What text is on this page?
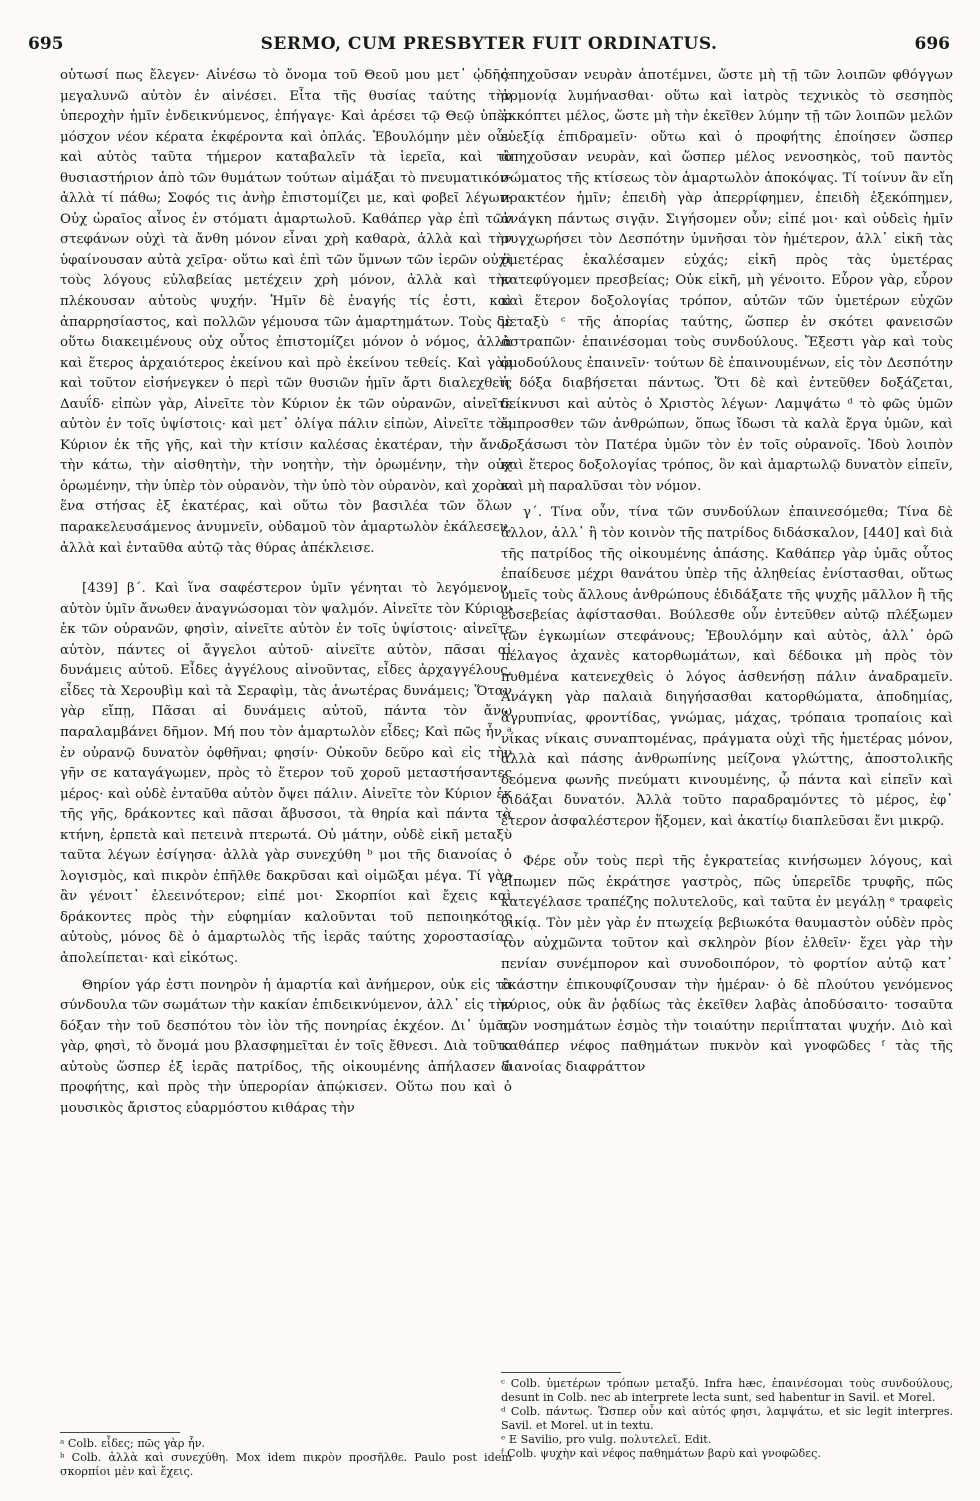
695	SERMO, CUM PRESBYTER FUIT ORDINATUS.	696

οὑτωσί πως ἔλεγεν· Αἰνέσω τὸ ὄνομα τοῦ Θεοῦ μου μετ᾽ ᾠδῆς· μεγαλυνῶ αὐτὸν ἐν αἰνέσει. Εἶτα τῆς θυσίας ταύτης τὴν ὑπεροχὴν ἡμῖν ἐνδεικνύμενος, ἐπήγαγε· Καὶ ἀρέσει τῷ Θεῷ ὑπὲρ μόσχον νέον κέρατα ἐκφέροντα καὶ ὁπλάς. Ἐβουλόμην μὲν οὖν καὶ αὐτὸς ταῦτα τήμερον καταβαλεῖν τὰ ἱερεῖα, καὶ τὸ θυσιαστήριον ἀπὸ τῶν θυμάτων τούτων αἱμάξαι τὸ πνευματικόν· ἀλλὰ τί πάθω; Σοφός τις ἀνὴρ ἐπιστομίζει με, καὶ φοβεῖ λέγων· Οὐχ ὡραῖος αἶνος ἐν στόματι ἁμαρτωλοῦ. Καθάπερ γὰρ ἐπὶ τῶν στεφάνων οὐχὶ τὰ ἄνθη μόνον εἶναι χρὴ καθαρὰ, ἀλλὰ καὶ τὴν ὑφαίνουσαν αὐτὰ χεῖρα· οὕτω καὶ ἐπὶ τῶν ὕμνων τῶν ἱερῶν οὐχὶ τοὺς λόγους εὐλαβείας μετέχειν χρὴ μόνον, ἀλλὰ καὶ τὴν πλέκουσαν αὐτοὺς ψυχήν. Ἡμῖν δὲ ἐναγής τίς ἐστι, καὶ ἀπαρρησίαστος, καὶ πολλῶν γέμουσα τῶν ἁμαρτημάτων. Τοὺς δὲ οὕτω διακειμένους οὐχ οὗτος ἐπιστομίζει μόνον ὁ νόμος, ἀλλὰ καὶ ἕτερος ἀρχαιότερος ἐκείνου καὶ πρὸ ἐκείνου τεθείς. Καὶ γὰρ καὶ τοῦτον εἰσήνεγκεν ὁ περὶ τῶν θυσιῶν ἡμῖν ἄρτι διαλεχθεὶς Δαυΐδ· εἰπὼν γὰρ, Αἰνεῖτε τὸν Κύριον ἐκ τῶν οὐρανῶν, αἰνεῖτε αὐτὸν ἐν τοῖς ὑψίστοις· καὶ μετ᾽ ὀλίγα πάλιν εἰπὼν, Αἰνεῖτε τὸν Κύριον ἐκ τῆς γῆς, καὶ τὴν κτίσιν καλέσας ἑκατέραν, τὴν ἄνω, τὴν κάτω, τὴν αἰσθητὴν, τὴν νοητὴν, τὴν ὁρωμένην, τὴν οὐχ ὁρωμένην, τὴν ὑπὲρ τὸν οὐρανὸν, τὴν ὑπὸ τὸν οὐρανὸν, καὶ χορὸν ἕνα στήσας ἐξ ἑκατέρας, καὶ οὕτω τὸν βασιλέα τῶν ὅλων παρακελευσάμενος ἀνυμνεῖν, οὐδαμοῦ τὸν ἁμαρτωλὸν ἐκάλεσεν, ἀλλὰ καὶ ἐνταῦθα αὐτῷ τὰς θύρας ἀπέκλεισε.

[439] β΄. Καὶ ἵνα σαφέστερον ὑμῖν γένηται τὸ λεγόμενον, αὐτὸν ὑμῖν ἄνωθεν ἀναγνώσομαι τὸν ψαλμόν. Αἰνεῖτε τὸν Κύριον ἐκ τῶν οὐρανῶν, φησὶν, αἰνεῖτε αὐτὸν ἐν τοῖς ὑψίστοις· αἰνεῖτε αὐτὸν, πάντες οἱ ἄγγελοι αὐτοῦ· αἰνεῖτε αὐτὸν, πᾶσαι αἱ δυνάμεις αὐτοῦ. Εἶδες ἀγγέλους αἰνοῦντας, εἶδες ἀρχαγγέλους, εἶδες τὰ Χερουβὶμ καὶ τὰ Σεραφὶμ, τὰς ἀνωτέρας δυνάμεις; Ὅταν γὰρ εἴπῃ, Πᾶσαι αἱ δυνάμεις αὐτοῦ, πάντα τὸν ἄνω παραλαμβάνει δῆμον. Μή που τὸν ἁμαρτωλὸν εἶδες; Καὶ πῶς ἦν ᵃ ἐν οὐρανῷ δυνατὸν ὀφθῆναι; φησίν· Οὐκοῦν δεῦρο καὶ εἰς τὴν γῆν σε καταγάγωμεν, πρὸς τὸ ἕτερον τοῦ χοροῦ μεταστήσαντες μέρος· καὶ οὐδὲ ἐνταῦθα αὐτὸν ὄψει πάλιν. Αἰνεῖτε τὸν Κύριον ἐκ τῆς γῆς, δράκοντες καὶ πᾶσαι ἄβυσσοι, τὰ θηρία καὶ πάντα τὰ κτήνη, ἑρπετὰ καὶ πετεινὰ πτερωτά. Οὐ μάτην, οὐδὲ εἰκῆ μεταξὺ ταῦτα λέγων ἐσίγησα· ἀλλὰ γὰρ συνεχύθη ᵇ μοι τῆς διανοίας ὁ λογισμὸς, καὶ πικρὸν ἐπῆλθε δακρῦσαι καὶ οἰμῶξαι μέγα. Τί γὰρ ἂν γένοιτ᾽ ἐλεεινότερον; εἰπέ μοι· Σκορπίοι καὶ ἔχεις καὶ δράκοντες πρὸς τὴν εὐφημίαν καλοῦνται τοῦ πεποιηκότος αὐτοὺς, μόνος δὲ ὁ ἁμαρτωλὸς τῆς ἱερᾶς ταύτης χοροστασίας ἀπολείπεται· καὶ εἰκότως.

Θηρίον γάρ ἐστι πονηρὸν ἡ ἁμαρτία καὶ ἀνήμερον, οὐκ εἰς τὰ σύνδουλα τῶν σωμάτων τὴν κακίαν ἐπιδεικνύμενον, ἀλλ᾽ εἰς τὴν δόξαν τὴν τοῦ δεσπότου τὸν ἰὸν τῆς πονηρίας ἐκχέον. Δι᾽ ὑμᾶς γὰρ, φησὶ, τὸ ὄνομά μου βλασφημεῖται ἐν τοῖς ἔθνεσι. Διὰ τοῦτο αὐτοὺς ὥσπερ ἐξ ἱερᾶς πατρίδος, τῆς οἰκουμένης ἀπήλασεν ὁ προφήτης, καὶ πρὸς τὴν ὑπερορίαν ἀπῴκισεν. Οὕτω που καὶ ὁ μουσικὸς ἄριστος εὐαρμόστου κιθάρας τὴν

ἀπηχοῦσαν νευρὰν ἀποτέμνει, ὥστε μὴ τῇ τῶν λοιπῶν φθόγγων ἁρμονίᾳ λυμήνασθαι· οὕτω καὶ ἰατρὸς τεχνικὸς τὸ σεσηπὸς ἐκκόπτει μέλος, ὥστε μὴ τὴν ἐκεῖθεν λύμην τῇ τῶν λοιπῶν μελῶν εὐεξίᾳ ἐπιδραμεῖν· οὕτω καὶ ὁ προφήτης ἐποίησεν ὥσπερ ἀπηχοῦσαν νευρὰν, καὶ ὥσπερ μέλος νενοσηκὸς, τοῦ παντὸς σώματος τῆς κτίσεως τὸν ἁμαρτωλὸν ἀποκόψας. Τί τοίνυν ἂν εἴη πρακτέον ἡμῖν; ἐπειδὴ γὰρ ἀπερρίφημεν, ἐπειδὴ ἐξεκόπημεν, ἀνάγκη πάντως σιγᾷν. Σιγήσομεν οὖν; εἰπέ μοι· καὶ οὐδεὶς ἡμῖν συγχωρήσει τὸν Δεσπότην ὑμνῆσαι τὸν ἡμέτερον, ἀλλ᾽ εἰκῆ τὰς ὑμετέρας ἐκαλέσαμεν εὐχάς; εἰκῆ πρὸς τὰς ὑμετέρας κατεφύγομεν πρεσβείας; Οὐκ εἰκῆ, μὴ γένοιτο. Εὗρον γὰρ, εὗρον καὶ ἕτερον δοξολογίας τρόπον, αὐτῶν τῶν ὑμετέρων εὐχῶν μεταξὺ ᶜ τῆς ἀπορίας ταύτης, ὥσπερ ἐν σκότει φανεισῶν ἀστραπῶν· ἐπαινέσομαι τοὺς συνδούλους. Ἔξεστι γὰρ καὶ τοὺς ὁμοδούλους ἐπαινεῖν· τούτων δὲ ἐπαινουμένων, εἰς τὸν Δεσπότην ἡ δόξα διαβήσεται πάντως. Ὅτι δὲ καὶ ἐντεῦθεν δοξάζεται, δείκνυσι καὶ αὐτὸς ὁ Χριστὸς λέγων· Λαμψάτω ᵈ τὸ φῶς ὑμῶν ἔμπροσθεν τῶν ἀνθρώπων, ὅπως ἴδωσι τὰ καλὰ ἔργα ὑμῶν, καὶ δοξάσωσι τὸν Πατέρα ὑμῶν τὸν ἐν τοῖς οὐρανοῖς. Ἰδοὺ λοιπὸν καὶ ἕτερος δοξολογίας τρόπος, ὃν καὶ ἁμαρτωλῷ δυνατὸν εἰπεῖν, καὶ μὴ παραλῦσαι τὸν νόμον.

γ΄. Τίνα οὖν, τίνα τῶν συνδούλων ἐπαινεσόμεθα; Τίνα δὲ ἄλλον, ἀλλ᾽ ἢ τὸν κοινὸν τῆς πατρίδος διδάσκαλον, [440] καὶ διὰ τῆς πατρίδος τῆς οἰκουμένης ἁπάσης. Καθάπερ γὰρ ὑμᾶς οὗτος ἐπαίδευσε μέχρι θανάτου ὑπὲρ τῆς ἀληθείας ἐνίστασθαι, οὕτως ὑμεῖς τοὺς ἄλλους ἀνθρώπους ἐδιδάξατε τῆς ψυχῆς μᾶλλον ἢ τῆς εὐσεβείας ἀφίστασθαι. Βούλεσθε οὖν ἐντεῦθεν αὐτῷ πλέξωμεν τῶν ἐγκωμίων στεφάνους; Ἐβουλόμην καὶ αὐτὸς, ἀλλ᾽ ὁρῶ πέλαγος ἀχανὲς κατορθωμάτων, καὶ δέδοικα μὴ πρὸς τὸν πυθμένα κατενεχθεὶς ὁ λόγος ἀσθενήσῃ πάλιν ἀναδραμεῖν. Ἀνάγκη γὰρ παλαιὰ διηγήσασθαι κατορθώματα, ἀποδημίας, ἀγρυπνίας, φροντίδας, γνώμας, μάχας, τρόπαια τροπαίοις καὶ νίκας νίκαις συναπτομένας, πράγματα οὐχὶ τῆς ἡμετέρας μόνον, ἀλλὰ καὶ πάσης ἀνθρωπίνης μείζονα γλώττης, ἀποστολικῆς δεόμενα φωνῆς πνεύματι κινουμένης, ᾧ πάντα καὶ εἰπεῖν καὶ διδάξαι δυνατόν. Ἀλλὰ τοῦτο παραδραμόντες τὸ μέρος, ἐφ᾽ ἕτερον ἀσφαλέστερον ἥξομεν, καὶ ἀκατίῳ διαπλεῦσαι ἔνι μικρῷ.

Φέρε οὖν τοὺς περὶ τῆς ἐγκρατείας κινήσωμεν λόγους, καὶ εἴπωμεν πῶς ἐκράτησε γαστρὸς, πῶς ὑπερεῖδε τρυφῆς, πῶς κατεγέλασε τραπέζης πολυτελοῦς, καὶ ταῦτα ἐν μεγάλῃ ᵉ τραφεὶς οἰκίᾳ. Τὸν μὲν γὰρ ἐν πτωχείᾳ βεβιωκότα θαυμαστὸν οὐδὲν πρὸς τὸν αὐχμῶντα τοῦτον καὶ σκληρὸν βίον ἐλθεῖν· ἔχει γὰρ τὴν πενίαν συνέμπορον καὶ συνοδοιπόρον, τὸ φορτίον αὐτῷ κατ᾽ ἑκάστην ἐπικουφίζουσαν τὴν ἡμέραν· ὁ δὲ πλούτου γενόμενος κύριος, οὐκ ἂν ῥᾳδίως τὰς ἐκεῖθεν λαβὰς ἀποδύσαιτο· τοσαῦτα τῶν νοσημάτων ἐσμὸς τὴν τοιαύτην περιΐπταται ψυχήν. Διὸ καὶ καθάπερ νέφος παθημάτων πυκνὸν καὶ γνοφῶδες ᶠ τὰς τῆς διανοίας διαφράττον

ᵃ Colb. εἶδες; πῶς γὰρ ἦν.

ᵇ Colb. ἀλλὰ καὶ συνεχύθη. Mox idem πικρὸν προσῆλθε. Paulo post idem σκορπίοι μὲν καὶ ἔχεις.

ᶜ Colb. ὑμετέρων τρόπων μεταξύ. Infra hæc, ἐπαινέσομαι τοὺς συνδούλους, desunt in Colb. nec ab interprete lecta sunt, sed habentur in Savil. et Morel.

ᵈ Colb. πάντως. Ὥσπερ οὖν καὶ αὐτός φησι, λαμψάτω, et sic legit interpres. Savil. et Morel. ut in textu.

ᵉ E Savilio, pro vulg. πολυτελεῖ. Edit.

ᶠ Colb. ψυχὴν καὶ νέφος παθημάτων βαρὺ καὶ γνοφῶδες.
